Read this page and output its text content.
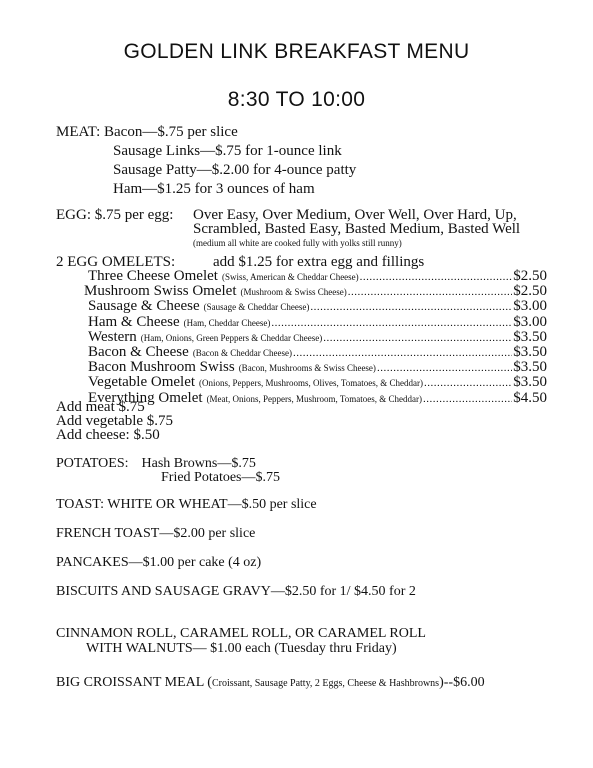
GOLDEN LINK BREAKFAST MENU
8:30 TO 10:00
MEAT: Bacon—$.75 per slice
Sausage Links—$.75 for 1-ounce link
Sausage Patty—$.2.00 for 4-ounce patty
Ham—$1.25 for 3 ounces of ham
EGG: $.75 per egg: Over Easy, Over Medium, Over Well, Over Hard, Up,
Scrambled, Basted Easy, Basted Medium, Basted Well
(medium all white are cooked fully with yolks still runny)
2 EGG OMELETS:	add $1.25 for extra egg and fillings
Three Cheese Omelet (Swiss, American & Cheddar Cheese) .....	$2.50
Mushroom Swiss Omelet (Mushroom & Swiss Cheese) .....	$2.50
Sausage & Cheese (Sausage & Cheddar Cheese) .....	$3.00
Ham & Cheese (Ham, Cheddar Cheese) .....	$3.00
Western (Ham, Onions, Green Peppers & Cheddar Cheese) .....	$3.50
Bacon & Cheese (Bacon & Cheddar Cheese) .....	$3.50
Bacon Mushroom Swiss (Bacon, Mushrooms & Swiss Cheese) .....	$3.50
Vegetable Omelet (Onions, Peppers, Mushrooms, Olives, Tomatoes, & Cheddar) .....	$3.50
Everything Omelet (Meat, Onions, Peppers, Mushroom, Tomatoes, & Cheddar) .....	$4.50
Add meat $.75
Add vegetable $.75
Add cheese: $.50
POTATOES: Hash Browns—$.75
Fried Potatoes—$.75
TOAST: WHITE OR WHEAT—$.50 per slice
FRENCH TOAST—$2.00 per slice
PANCAKES—$1.00 per cake (4 oz)
BISCUITS AND SAUSAGE GRAVY—$2.50 for 1/ $4.50 for 2
CINNAMON ROLL, CARAMEL ROLL, OR CARAMEL ROLL
WITH WALNUTS— $1.00 each (Tuesday thru Friday)
BIG CROISSANT MEAL (Croissant, Sausage Patty, 2 Eggs, Cheese & Hashbrowns)--$6.00
